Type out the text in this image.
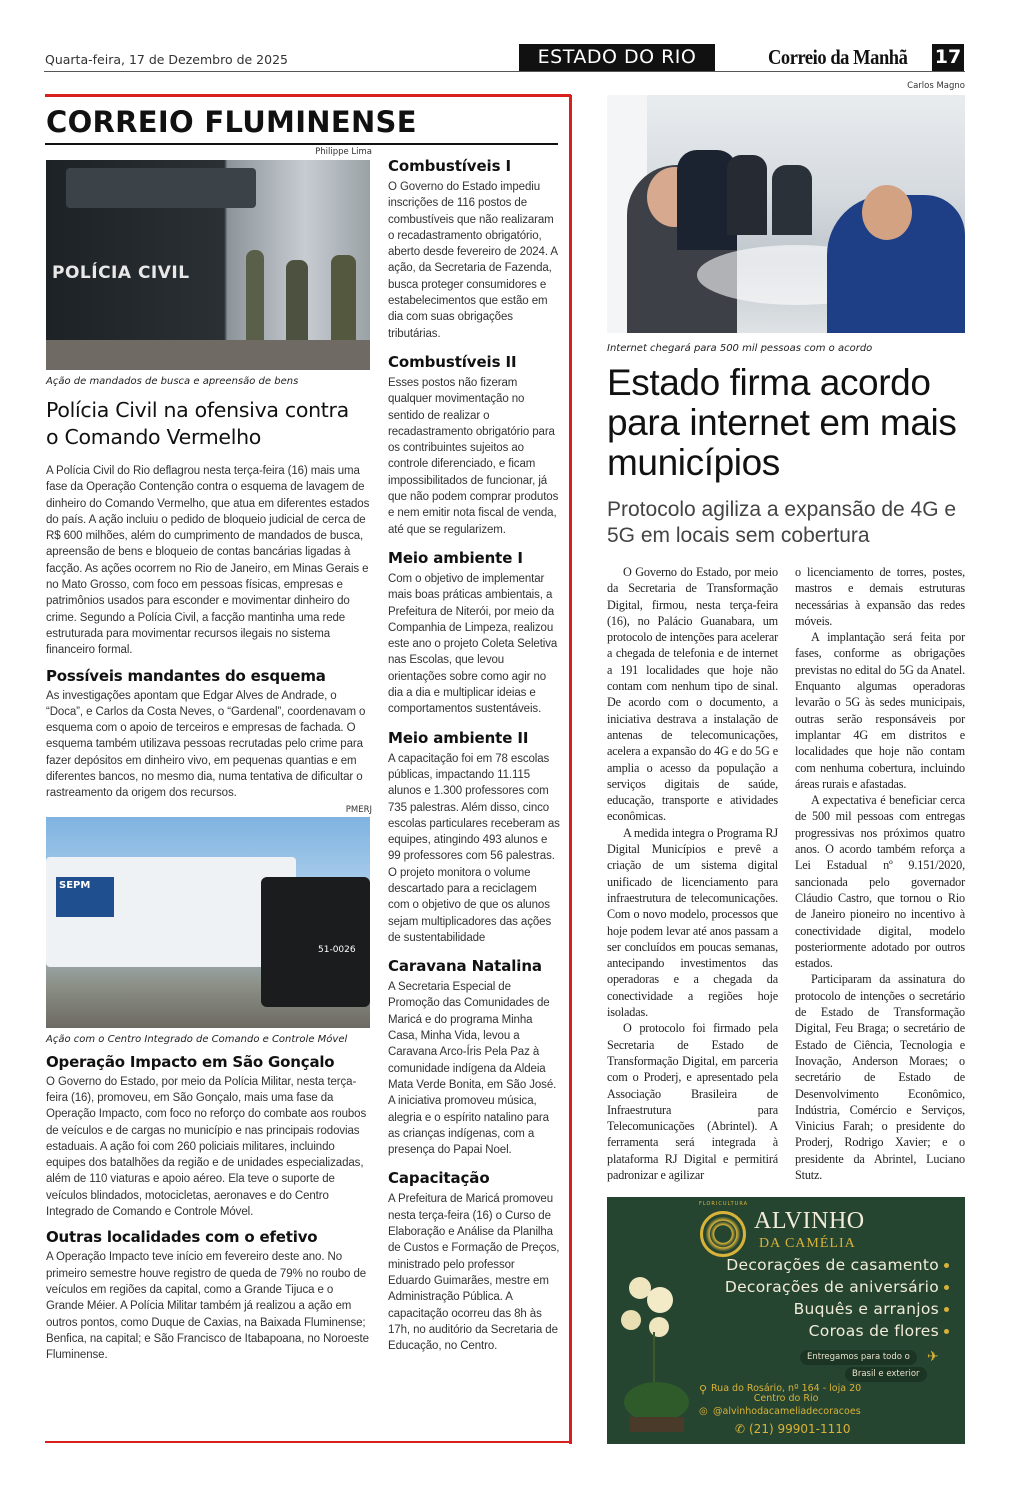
Quarta-feira, 17 de Dezembro de 2025	ESTADO DO RIO	Correio da Manhã 17
CORREIO FLUMINENSE
Philippe Lima
POLÍCIA CIVIL
Ação de mandados de busca e apreensão de bens
Polícia Civil na ofensiva contra o Comando Vermelho
A Polícia Civil do Rio deflagrou nesta terça-feira (16) mais uma fase da Operação Contenção contra o esquema de lavagem de dinheiro do Comando Vermelho, que atua em diferentes estados do país. A ação incluiu o pedido de bloqueio judicial de cerca de R$ 600 milhões, além do cumprimento de mandados de busca, apreensão de bens e bloqueio de contas bancárias ligadas à facção. As ações ocorrem no Rio de Janeiro, em Minas Gerais e no Mato Grosso, com foco em pessoas físicas, empresas e patrimônios usados para esconder e movimentar dinheiro do crime. Segundo a Polícia Civil, a facção mantinha uma rede estruturada para movimentar recursos ilegais no sistema financeiro formal.
Possíveis mandantes do esquema
As investigações apontam que Edgar Alves de Andrade, o “Doca”, e Carlos da Costa Neves, o “Gardenal”, coordenavam o esquema com o apoio de terceiros e empresas de fachada. O esquema também utilizava pessoas recrutadas pelo crime para fazer depósitos em dinheiro vivo, em pequenas quantias e em diferentes bancos, no mesmo dia, numa tentativa de dificultar o rastreamento da origem dos recursos.
PMERJ
SEPM
51-0026
Ação com o Centro Integrado de Comando e Controle Móvel
Operação Impacto em São Gonçalo
O Governo do Estado, por meio da Polícia Militar, nesta terça-feira (16), promoveu, em São Gonçalo, mais uma fase da Operação Impacto, com foco no reforço do combate aos roubos de veículos e de cargas no município e nas principais rodovias estaduais. A ação foi com 260 policiais militares, incluindo equipes dos batalhões da região e de unidades especializadas, além de 110 viaturas e apoio aéreo. Ela teve o suporte de veículos blindados, motocicletas, aeronaves e do Centro Integrado de Comando e Controle Móvel.
Outras localidades com o efetivo
A Operação Impacto teve início em fevereiro deste ano. No primeiro semestre houve registro de queda de 79% no roubo de veículos em regiões da capital, como a Grande Tijuca e o Grande Méier. A Polícia Militar também já realizou a ação em outros pontos, como Duque de Caxias, na Baixada Fluminense; Benfica, na capital; e São Francisco de Itabapoana, no Noroeste Fluminense.
Combustíveis I

O Governo do Estado impediu inscrições de 116 postos de combustíveis que não realizaram o recadastramento obrigatório, aberto desde fevereiro de 2024. A ação, da Secretaria de Fazenda, busca proteger consumidores e estabelecimentos que estão em dia com suas obrigações tributárias.

Combustíveis II

Esses postos não fizeram qualquer movimentação no sentido de realizar o recadastramento obrigatório para os contribuintes sujeitos ao controle diferenciado, e ficam impossibilitados de funcionar, já que não podem comprar produtos e nem emitir nota fiscal de venda, até que se regularizem.

Meio ambiente I

Com o objetivo de implementar mais boas práticas ambientais, a Prefeitura de Niterói, por meio da Companhia de Limpeza, realizou este ano o projeto Coleta Seletiva nas Escolas, que levou orientações sobre como agir no dia a dia e multiplicar ideias e comportamentos sustentáveis.

Meio ambiente II

A capacitação foi em 78 escolas públicas, impactando 11.115 alunos e 1.300 professores com 735 palestras. Além disso, cinco escolas particulares receberam as equipes, atingindo 493 alunos e 99 professores com 56 palestras. O projeto monitora o volume descartado para a reciclagem com o objetivo de que os alunos sejam multiplicadores das ações de sustentabilidade

Caravana Natalina

A Secretaria Especial de Promoção das Comunidades de Maricá e do programa Minha Casa, Minha Vida, levou a Caravana Arco-Íris Pela Paz à comunidade indígena da Aldeia Mata Verde Bonita, em São José. A iniciativa promoveu música, alegria e o espírito natalino para as crianças indígenas, com a presença do Papai Noel.

Capacitação

A Prefeitura de Maricá promoveu nesta terça-feira (16) o Curso de Elaboração e Análise da Planilha de Custos e Formação de Preços, ministrado pelo professor Eduardo Guimarães, mestre em Administração Pública. A capacitação ocorreu das 8h às 17h, no auditório da Secretaria de Educação, no Centro.

Carlos Magno
Internet chegará para 500 mil pessoas com o acordo
Estado firma acordo para internet em mais municípios
Protocolo agiliza a expansão de 4G e 5G em locais sem cobertura

O Governo do Estado, por meio da Secretaria de Transformação Digital, firmou, nesta terça-feira (16), no Palácio Guanabara, um protocolo de intenções para acelerar a chegada de telefonia e de internet a 191 localidades que hoje não contam com nenhum tipo de sinal. De acordo com o documento, a iniciativa destrava a instalação de antenas de telecomunicações, acelera a expansão do 4G e do 5G e amplia o acesso da população a serviços digitais de saúde, educação, transporte e atividades econômicas.

A medida integra o Programa RJ Digital Municípios e prevê a criação de um sistema digital unificado de licenciamento para infraestrutura de telecomunicações. Com o novo modelo, processos que hoje podem levar até anos passam a ser concluídos em poucas semanas, antecipando investimentos das operadoras e a chegada da conectividade a regiões hoje isoladas.

O protocolo foi firmado pela Secretaria de Estado de Transformação Digital, em parceria com o Proderj, e apresentado pela Associação Brasileira de Infraestrutura para Telecomunicações (Abrintel). A ferramenta será integrada à plataforma RJ Digital e permitirá padronizar e agilizar

o licenciamento de torres, postes, mastros e demais estruturas necessárias à expansão das redes móveis.

A implantação será feita por fases, conforme as obrigações previstas no edital do 5G da Anatel. Enquanto algumas operadoras levarão o 5G às sedes municipais, outras serão responsáveis por implantar 4G em distritos e localidades que hoje não contam com nenhuma cobertura, incluindo áreas rurais e afastadas.

A expectativa é beneficiar cerca de 500 mil pessoas com entregas progressivas nos próximos quatro anos. O acordo também reforça a Lei Estadual nº 9.151/2020, sancionada pelo governador Cláudio Castro, que tornou o Rio de Janeiro pioneiro no incentivo à conectividade digital, modelo posteriormente adotado por outros estados.

Participaram da assinatura do protocolo de intenções o secretário de Estado de Transformação Digital, Feu Braga; o secretário de Estado de Ciência, Tecnologia e Inovação, Anderson Moraes; o secretário de Estado de Desenvolvimento Econômico, Indústria, Comércio e Serviços, Vinicius Farah; o presidente do Proderj, Rodrigo Xavier; e o presidente da Abrintel, Luciano Stutz.

FLORICULTURA
ALVINHO
DA CAMÉLIA
Decorações de casamento
Decorações de aniversário
Buquês e arranjos
Coroas de flores
Entregamos para todo o
Brasil e exterior
✈
⚲ Rua do Rosário, nº 164 - loja 20
Centro do Rio
◎ @alvinhodacameliadecoracoes
✆ (21) 99901-1110
